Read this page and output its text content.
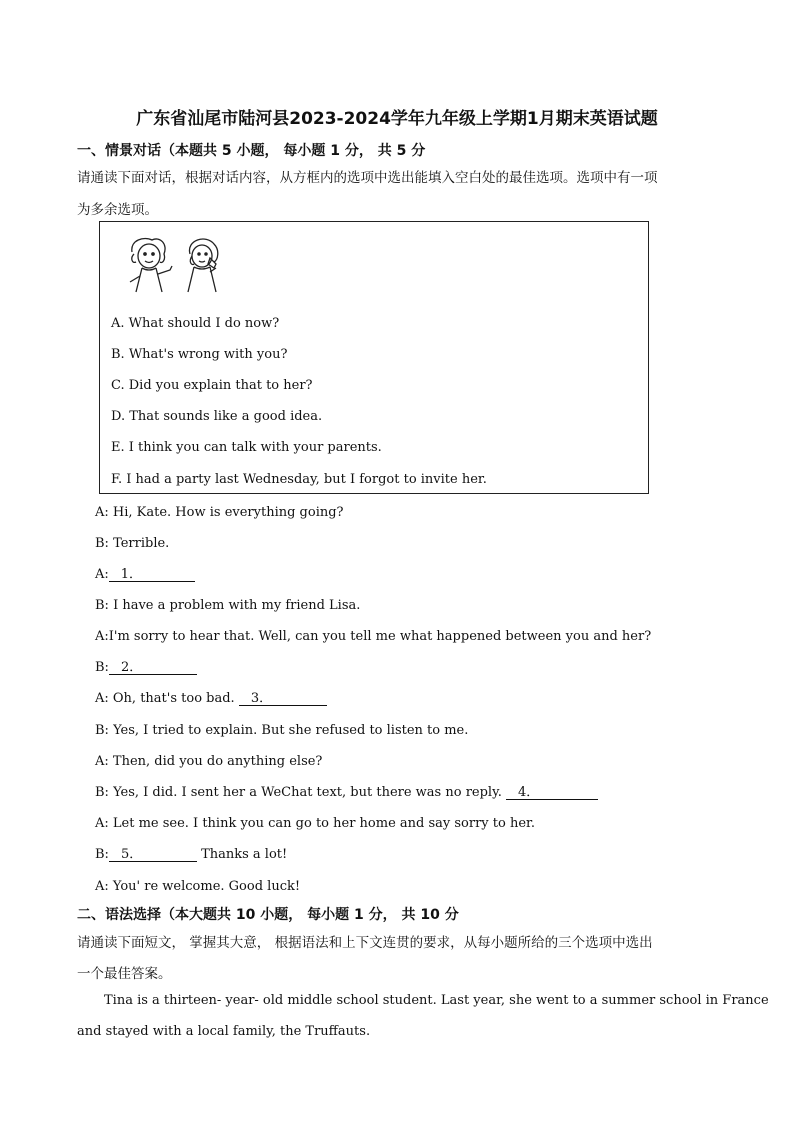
广东省汕尾市陆河县2023-2024学年九年级上学期1月期末英语试题
一、情景对话（本题共 5 小题， 每小题 1 分， 共 5 分
请通读下面对话，根据对话内容，从方框内的选项中选出能填入空白处的最佳选项。选项中有一项
为多余选项。
A. What should I do now?
B. What's wrong with you?
C. Did you explain that to her?
D. That sounds like a good idea.
E. I think you can talk with your parents.
F. I had a party last Wednesday, but I forgot to invite her.
A: Hi, Kate. How is everything going?
B: Terrible.
A: 1．
B: I have a problem with my friend Lisa.
A:I'm sorry to hear that. Well, can you tell me what happened between you and her?
B: 2．
A: Oh, that's too bad. 3．
B: Yes, I tried to explain. But she refused to listen to me.
A: Then, did you do anything else?
B: Yes, I did. I sent her a WeChat text, but there was no reply. 4．
A: Let me see. I think you can go to her home and say sorry to her.
B: 5．	Thanks a lot!
A: You' re welcome. Good luck!
二、语法选择（本大题共 10 小题， 每小题 1 分， 共 10 分
请通读下面短文， 掌握其大意， 根据语法和上下文连贯的要求，从每小题所给的三个选项中选出
一个最佳答案。
Tina is a thirteen- year- old middle school student. Last year, she went to a summer school in France
and stayed with a local family, the Truffauts.
